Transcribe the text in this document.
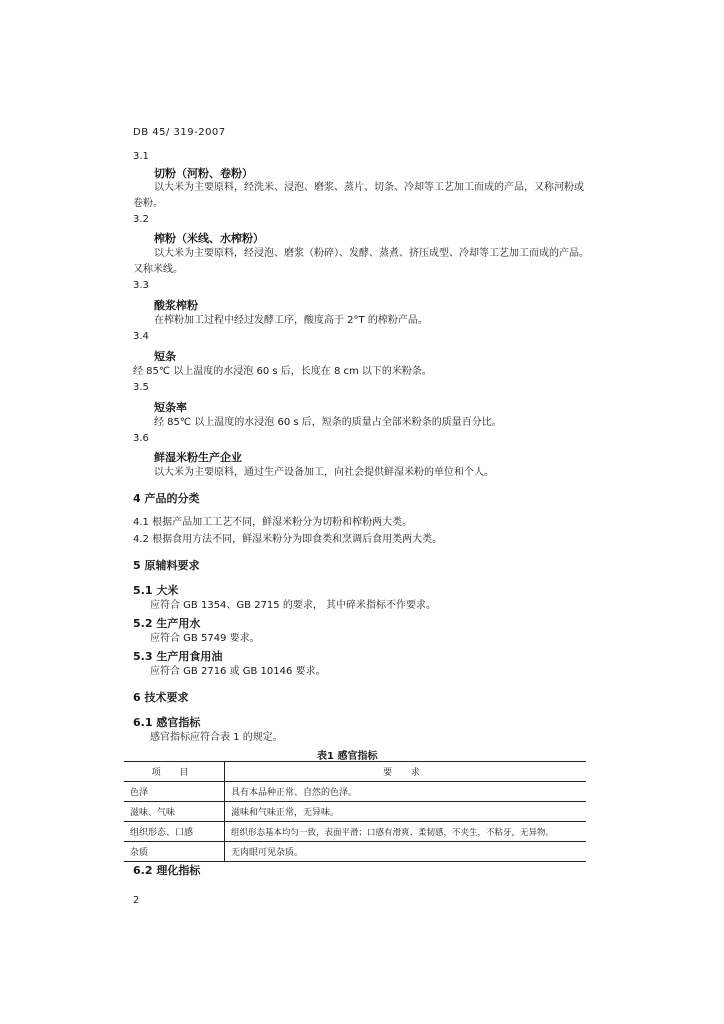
DB 45/ 319-2007
3.1
切粉（河粉、卷粉）
以大米为主要原料，经洗米、浸泡、磨浆、蒸片、切条、冷却等工艺加工而成的产品，又称河粉或
卷粉。
3.2
榨粉（米线、水榨粉）
以大米为主要原料，经浸泡、磨浆（粉碎）、发酵、蒸煮、挤压成型、冷却等工艺加工而成的产品。
又称米线。
3.3
酸浆榨粉
在榨粉加工过程中经过发酵工序，酸度高于 2°T 的榨粉产品。
3.4
短条
经 85℃ 以上温度的水浸泡 60 s 后，长度在 8 cm 以下的米粉条。
3.5
短条率
经 85℃ 以上温度的水浸泡 60 s 后，短条的质量占全部米粉条的质量百分比。
3.6
鲜湿米粉生产企业
以大米为主要原料，通过生产设备加工，向社会提供鲜湿米粉的单位和个人。
4 产品的分类
4.1 根据产品加工工艺不同，鲜湿米粉分为切粉和榨粉两大类。
4.2 根据食用方法不同，鲜湿米粉分为即食类和烹调后食用类两大类。
5 原辅料要求
5.1 大米
应符合 GB 1354、GB 2715 的要求， 其中碎米指标不作要求。
5.2 生产用水
应符合 GB 5749 要求。
5.3 生产用食用油
应符合 GB 2716 或 GB 10146 要求。
6 技术要求
6.1 感官指标
感官指标应符合表 1 的规定。
表1 感官指标
项 目	要 求
色泽	具有本品种正常、自然的色泽。
滋味、气味	滋味和气味正常，无异味。
组织形态、口感	组织形态基本均匀一致，表面平滑；口感有滑爽、柔韧感，不夹生，不粘牙，无异物。
杂质	无肉眼可见杂质。
6.2 理化指标
2
